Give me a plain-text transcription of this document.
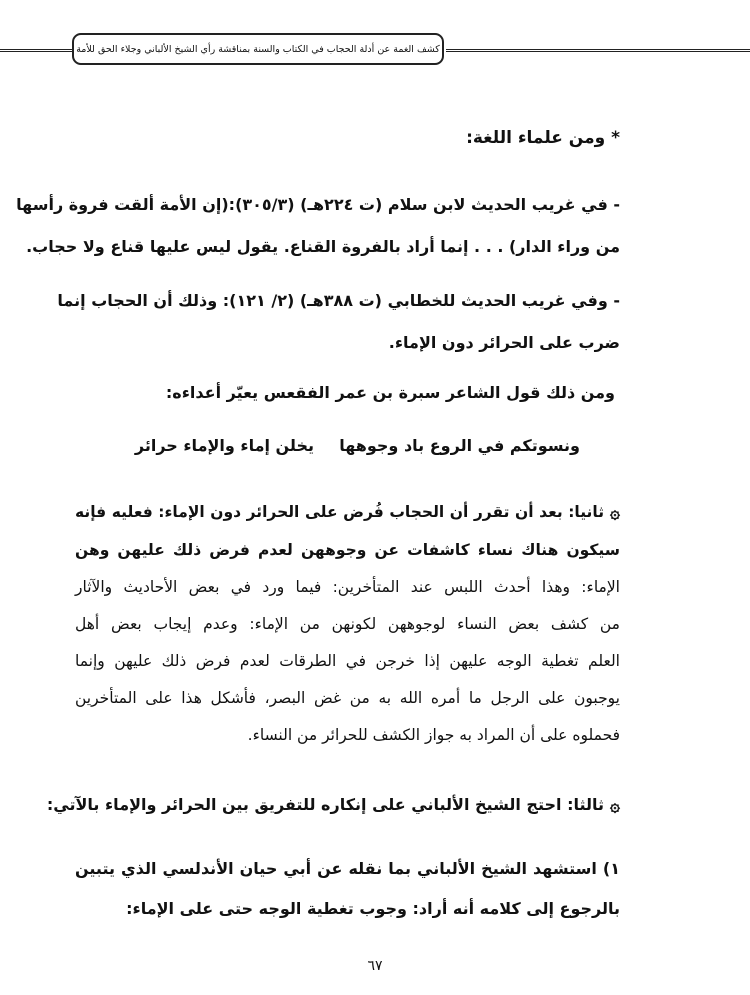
كشف الغمة عن أدلة الحجاب في الكتاب والسنة بمناقشة رأي الشيخ الألباني وجلاء الحق للأمة
* ومن علماء اللغة:
- في غريب الحديث لابن سلام (ت ٢٢٤هـ) (٣٠٥/٣):(إن الأمة ألقت فروة رأسها
من وراء الدار) . . . إنما أراد بالفروة القناع. يقول ليس عليها قناع ولا حجاب.
- وفي غريب الحديث للخطابي (ت ٣٨٨هـ) (٢/ ١٢١): وذلك أن الحجاب إنما
ضرب على الحرائر دون الإماء.
ومن ذلك قول الشاعر سبرة بن عمر الفقعس يعيّر أعداءه:
ونسوتكم في الروع باد وجوهها
يخلن إماء والإماء حرائر
۞ثانيا: بعد أن تقرر أن الحجاب فُرض على الحرائر دون الإماء: فعليه فإنه
سيكون هناك نساء كاشفات عن وجوههن لعدم فرض ذلك عليهن وهن
الإماء: وهذا أحدث اللبس عند المتأخرين: فيما ورد في بعض الأحاديث والآثار
من كشف بعض النساء لوجوههن لكونهن من الإماء: وعدم إيجاب بعض أهل
العلم تغطية الوجه عليهن إذا خرجن في الطرقات لعدم فرض ذلك عليهن وإنما
يوجبون على الرجل ما أمره الله به من غض البصر، فأشكل هذا على المتأخرين
فحملوه على أن المراد به جواز الكشف للحرائر من النساء.
۞ثالثا: احتج الشيخ الألباني على إنكاره للتفريق بين الحرائر والإماء بالآتي:
١) استشهد الشيخ الألباني بما نقله عن أبي حيان الأندلسي الذي يتبين
بالرجوع إلى كلامه أنه أراد: وجوب تغطية الوجه حتى على الإماء:
٦٧
